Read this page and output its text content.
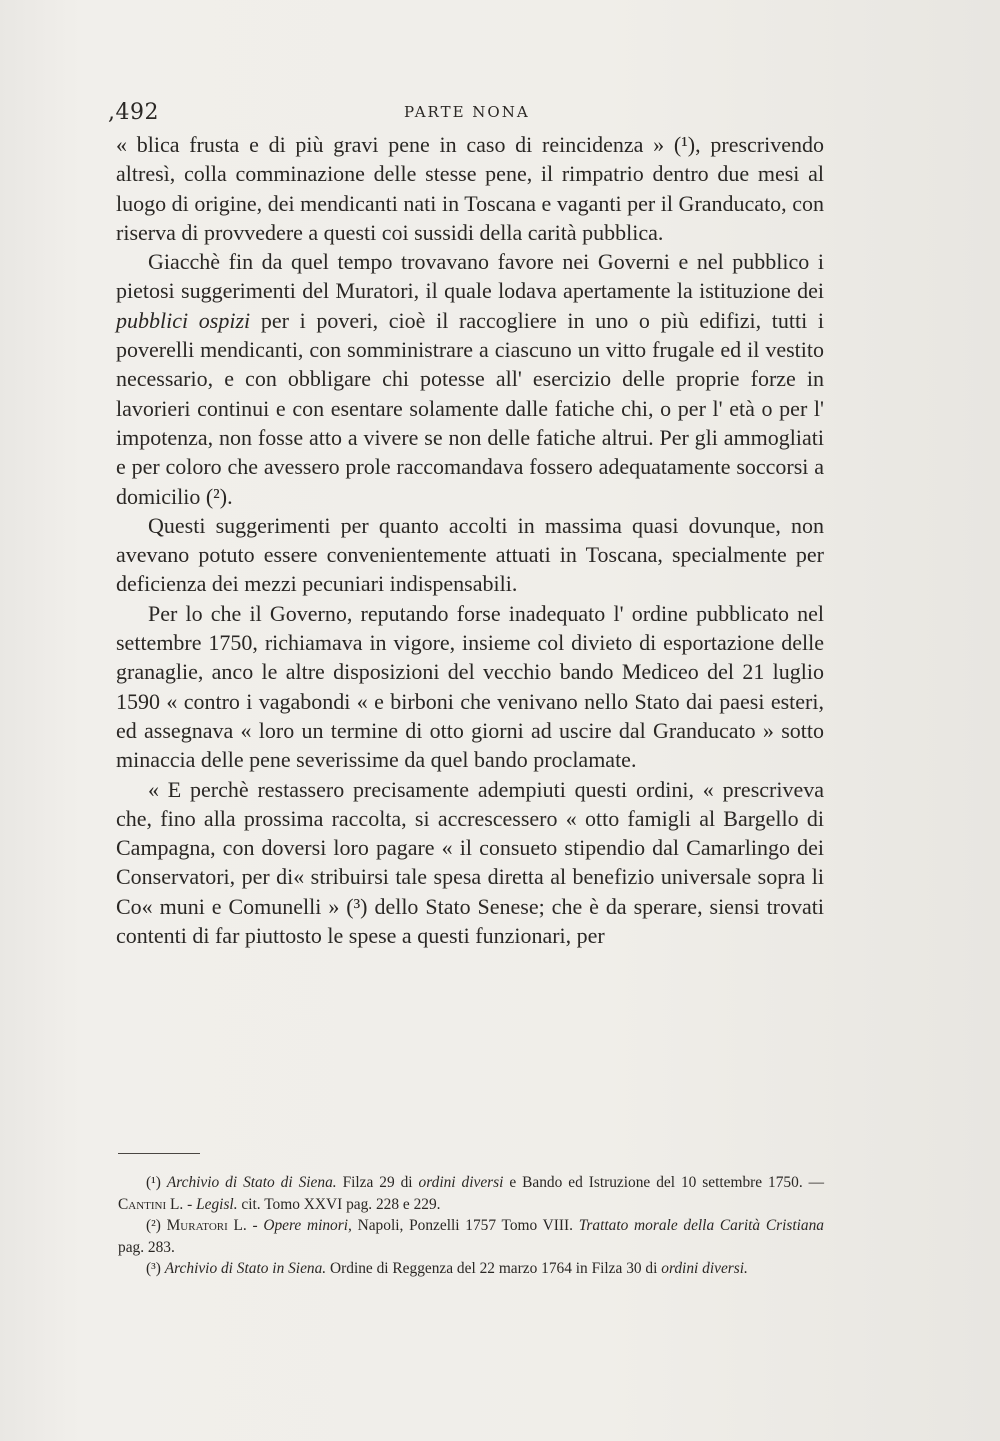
,492	PARTE NONA

« blica frusta e di più gravi pene in caso di reincidenza » (¹), prescrivendo altresì, colla comminazione delle stesse pene, il rimpatrio dentro due mesi al luogo di origine, dei mendicanti nati in Toscana e vaganti per il Granducato, con riserva di provvedere a questi coi sussidi della carità pubblica.

Giacchè fin da quel tempo trovavano favore nei Governi e nel pubblico i pietosi suggerimenti del Muratori, il quale lodava apertamente la istituzione dei pubblici ospizi per i poveri, cioè il raccogliere in uno o più edifizi, tutti i poverelli mendicanti, con somministrare a ciascuno un vitto frugale ed il vestito necessario, e con obbligare chi potesse all' esercizio delle proprie forze in lavorieri continui e con esentare solamente dalle fatiche chi, o per l' età o per l' impotenza, non fosse atto a vivere se non delle fatiche altrui. Per gli ammogliati e per coloro che avessero prole raccomandava fossero adequatamente soccorsi a domicilio (²).

Questi suggerimenti per quanto accolti in massima quasi dovunque, non avevano potuto essere convenientemente attuati in Toscana, specialmente per deficienza dei mezzi pecuniari indispensabili.

Per lo che il Governo, reputando forse inadequato l' ordine pubblicato nel settembre 1750, richiamava in vigore, insieme col divieto di esportazione delle granaglie, anco le altre disposizioni del vecchio bando Mediceo del 21 luglio 1590 « contro i vagabondi « e birboni che venivano nello Stato dai paesi esteri, ed assegnava « loro un termine di otto giorni ad uscire dal Granducato » sotto minaccia delle pene severissime da quel bando proclamate.

« E perchè restassero precisamente adempiuti questi ordini, « prescriveva che, fino alla prossima raccolta, si accrescessero « otto famigli al Bargello di Campagna, con doversi loro pagare « il consueto stipendio dal Camarlingo dei Conservatori, per di« stribuirsi tale spesa diretta al benefizio universale sopra li Co« muni e Comunelli » (³) dello Stato Senese; che è da sperare, siensi trovati contenti di far piuttosto le spese a questi funzionari, per

(¹) Archivio di Stato di Siena. Filza 29 di ordini diversi e Bando ed Istruzione del 10 settembre 1750. — Cantini L. - Legisl. cit. Tomo XXVI pag. 228 e 229.

(²) Muratori L. - Opere minori, Napoli, Ponzelli 1757 Tomo VIII. Trattato morale della Carità Cristiana pag. 283.

(³) Archivio di Stato in Siena. Ordine di Reggenza del 22 marzo 1764 in Filza 30 di ordini diversi.
